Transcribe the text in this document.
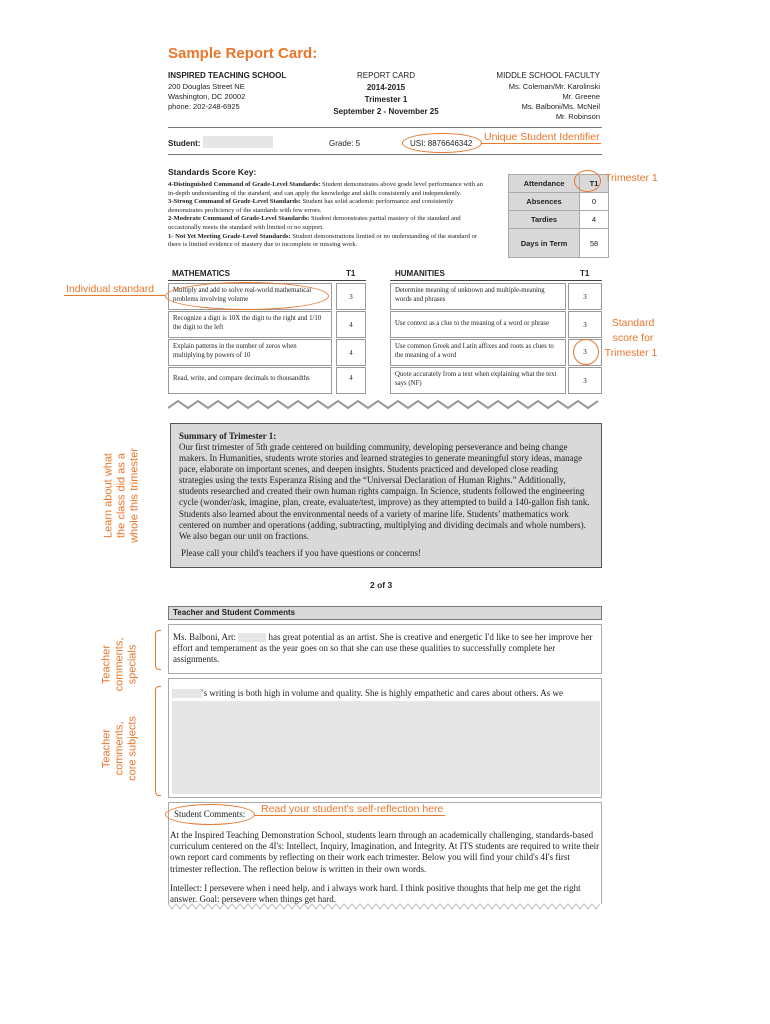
Sample Report Card:
INSPIRED TEACHING SCHOOL
200 Douglas Street NE
Washington, DC 20002
phone: 202-248-6925
REPORT CARD
2014-2015
Trimester 1
September 2 - November 25
MIDDLE SCHOOL FACULTY
Ms. Coleman/Mr. Karolinski
Mr. Greene
Ms. Balboni/Ms. McNeil
Mr. Robinson
Student:	Grade: 5	USI: 8876646342
Unique Student Identifier
Standards Score Key:
4-Distinguished Command of Grade-Level Standards: Student demonstrates above grade level performance with an in-depth understanding of the standard, and can apply the knowledge and skills consistently and independently.
3-Strong Command of Grade-Level Standards: Student has solid academic performance and consistently demonstrates proficiency of the standards with few errors.
2-Moderate Command of Grade-Level Standards: Student demonstrates partial mastery of the standard and occasionally meets the standard with limited or no support.
1- Not Yet Meeting Grade-Level Standards: Student demonstrations limited or no understanding of the standard or there is limited evidence of mastery due to incomplete or missing work.
Attendance	T1
Absences	0
Tardies	4
Days in Term	58
Trimester 1
MATHEMATICS	T1
Multiply and add to solve real-world mathematical problems involving volume	3
Recognize a digit is 10X the digit to the right and 1/10 the digit to the left	4
Explain patterns in the number of zeros when multiplying by powers of 10	4
Read, write, and compare decimals to thousandths	4
Individual standard
HUMANITIES	T1
Determine meaning of unknown and multiple-meaning words and phrases	3
Use context as a clue to the meaning of a word or phrase	3
Use common Greek and Latin affixes and roots as clues to the meaning of a word	3
Quote accurately from a text when explaining what the text says (NF)	3
Standard
score for
Trimester 1
Summary of Trimester 1:
Our first trimester of 5th grade centered on building community, developing perseverance and being change makers. In Humanities, students wrote stories and learned strategies to generate meaningful story ideas, manage pace, elaborate on important scenes, and deepen insights. Students practiced and developed close reading strategies using the texts Esperanza Rising and the “Universal Declaration of Human Rights.” Additionally, students researched and created their own human rights campaign. In Science, students followed the engineering cycle (wonder/ask, imagine, plan, create, evaluate/test, improve) as they attempted to build a 140-gallon fish tank. Students also learned about the environmental needs of a variety of marine life. Students’ mathematics work centered on number and operations (adding, subtracting, multiplying and dividing decimals and whole numbers). We also began our unit on fractions.
Please call your child's teachers if you have questions or concerns!
Learn about what the class did as a whole this trimester
2 of 3
Teacher and Student Comments
Ms. Balboni, Art:	has great potential as an artist. She is creative and energetic I'd like to see her improve her effort and temperament as the year goes on so that she can use these qualities to successfully complete her assignments.
's writing is both high in volume and quality. She is highly empathetic and cares about others. As we
Teacher comments, specials
Teacher comments, core subjects
Student Comments: Read your student's self-reflection here
At the Inspired Teaching Demonstration School, students learn through an academically challenging, standards-based curriculum centered on the 4I's: Intellect, Inquiry, Imagination, and Integrity. At ITS students are required to write their own report card comments by reflecting on their work each trimester. Below you will find your child's 4I's first trimester reflection. The reflection below is written in their own words.
Intellect: I persevere when i need help. and i always work hard. I think positive thoughts that help me get the right answer. Goal: persevere when things get hard.
